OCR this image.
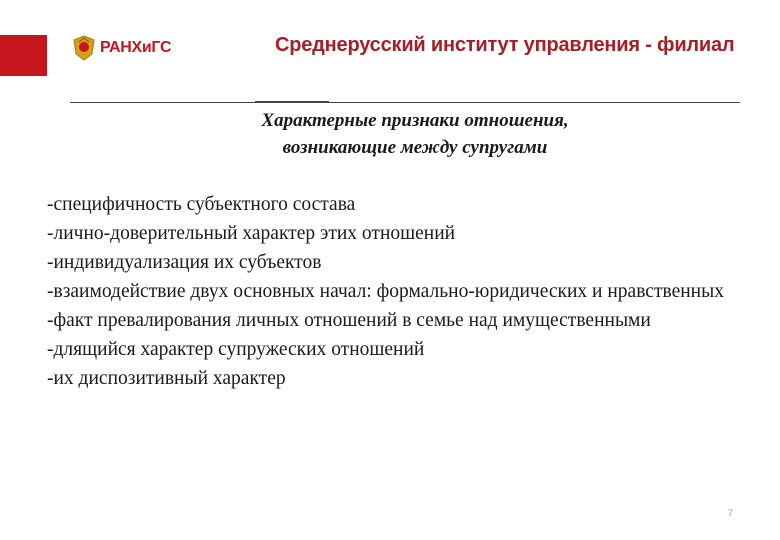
РАНХиГС	Среднерусский институт управления - филиал
Характерные признаки отношения,
возникающие между супругами
-специфичность субъектного состава
-лично-доверительный характер этих отношений
-индивидуализация их субъектов
-взаимодействие двух основных начал: формально-юридических и нравственных
-факт превалирования личных отношений в семье над имущественными
-длящийся характер супружеских отношений
-их диспозитивный характер
7
